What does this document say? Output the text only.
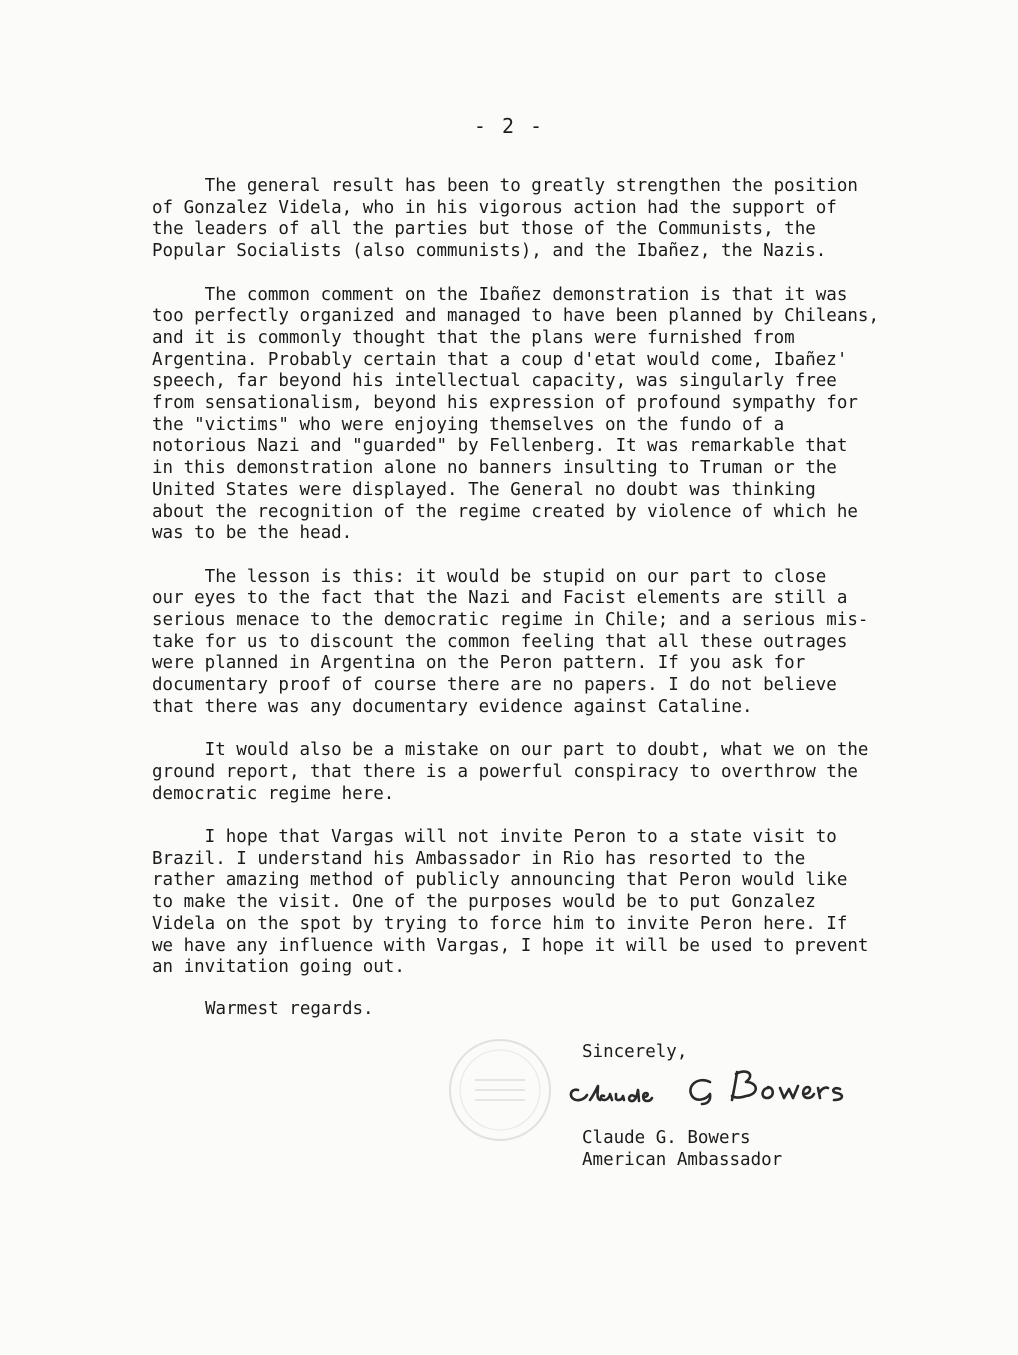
- 2 -
The general result has been to greatly strengthen the position
of Gonzalez Videla, who in his vigorous action had the support of
the leaders of all the parties but those of the Communists, the
Popular Socialists (also communists), and the Ibañez, the Nazis.
The common comment on the Ibañez demonstration is that it was
too perfectly organized and managed to have been planned by Chileans,
and it is commonly thought that the plans were furnished from
Argentina. Probably certain that a coup d'etat would come, Ibañez'
speech, far beyond his intellectual capacity, was singularly free
from sensationalism, beyond his expression of profound sympathy for
the "victims" who were enjoying themselves on the fundo of a
notorious Nazi and "guarded" by Fellenberg. It was remarkable that
in this demonstration alone no banners insulting to Truman or the
United States were displayed. The General no doubt was thinking
about the recognition of the regime created by violence of which he
was to be the head.
The lesson is this: it would be stupid on our part to close
our eyes to the fact that the Nazi and Facist elements are still a
serious menace to the democratic regime in Chile; and a serious mis-
take for us to discount the common feeling that all these outrages
were planned in Argentina on the Peron pattern. If you ask for
documentary proof of course there are no papers. I do not believe
that there was any documentary evidence against Cataline.
It would also be a mistake on our part to doubt, what we on the
ground report, that there is a powerful conspiracy to overthrow the
democratic regime here.
I hope that Vargas will not invite Peron to a state visit to
Brazil. I understand his Ambassador in Rio has resorted to the
rather amazing method of publicly announcing that Peron would like
to make the visit. One of the purposes would be to put Gonzalez
Videla on the spot by trying to force him to invite Peron here. If
we have any influence with Vargas, I hope it will be used to prevent
an invitation going out.
Warmest regards.
Sincerely,
Claude G. Bowers
American Ambassador
